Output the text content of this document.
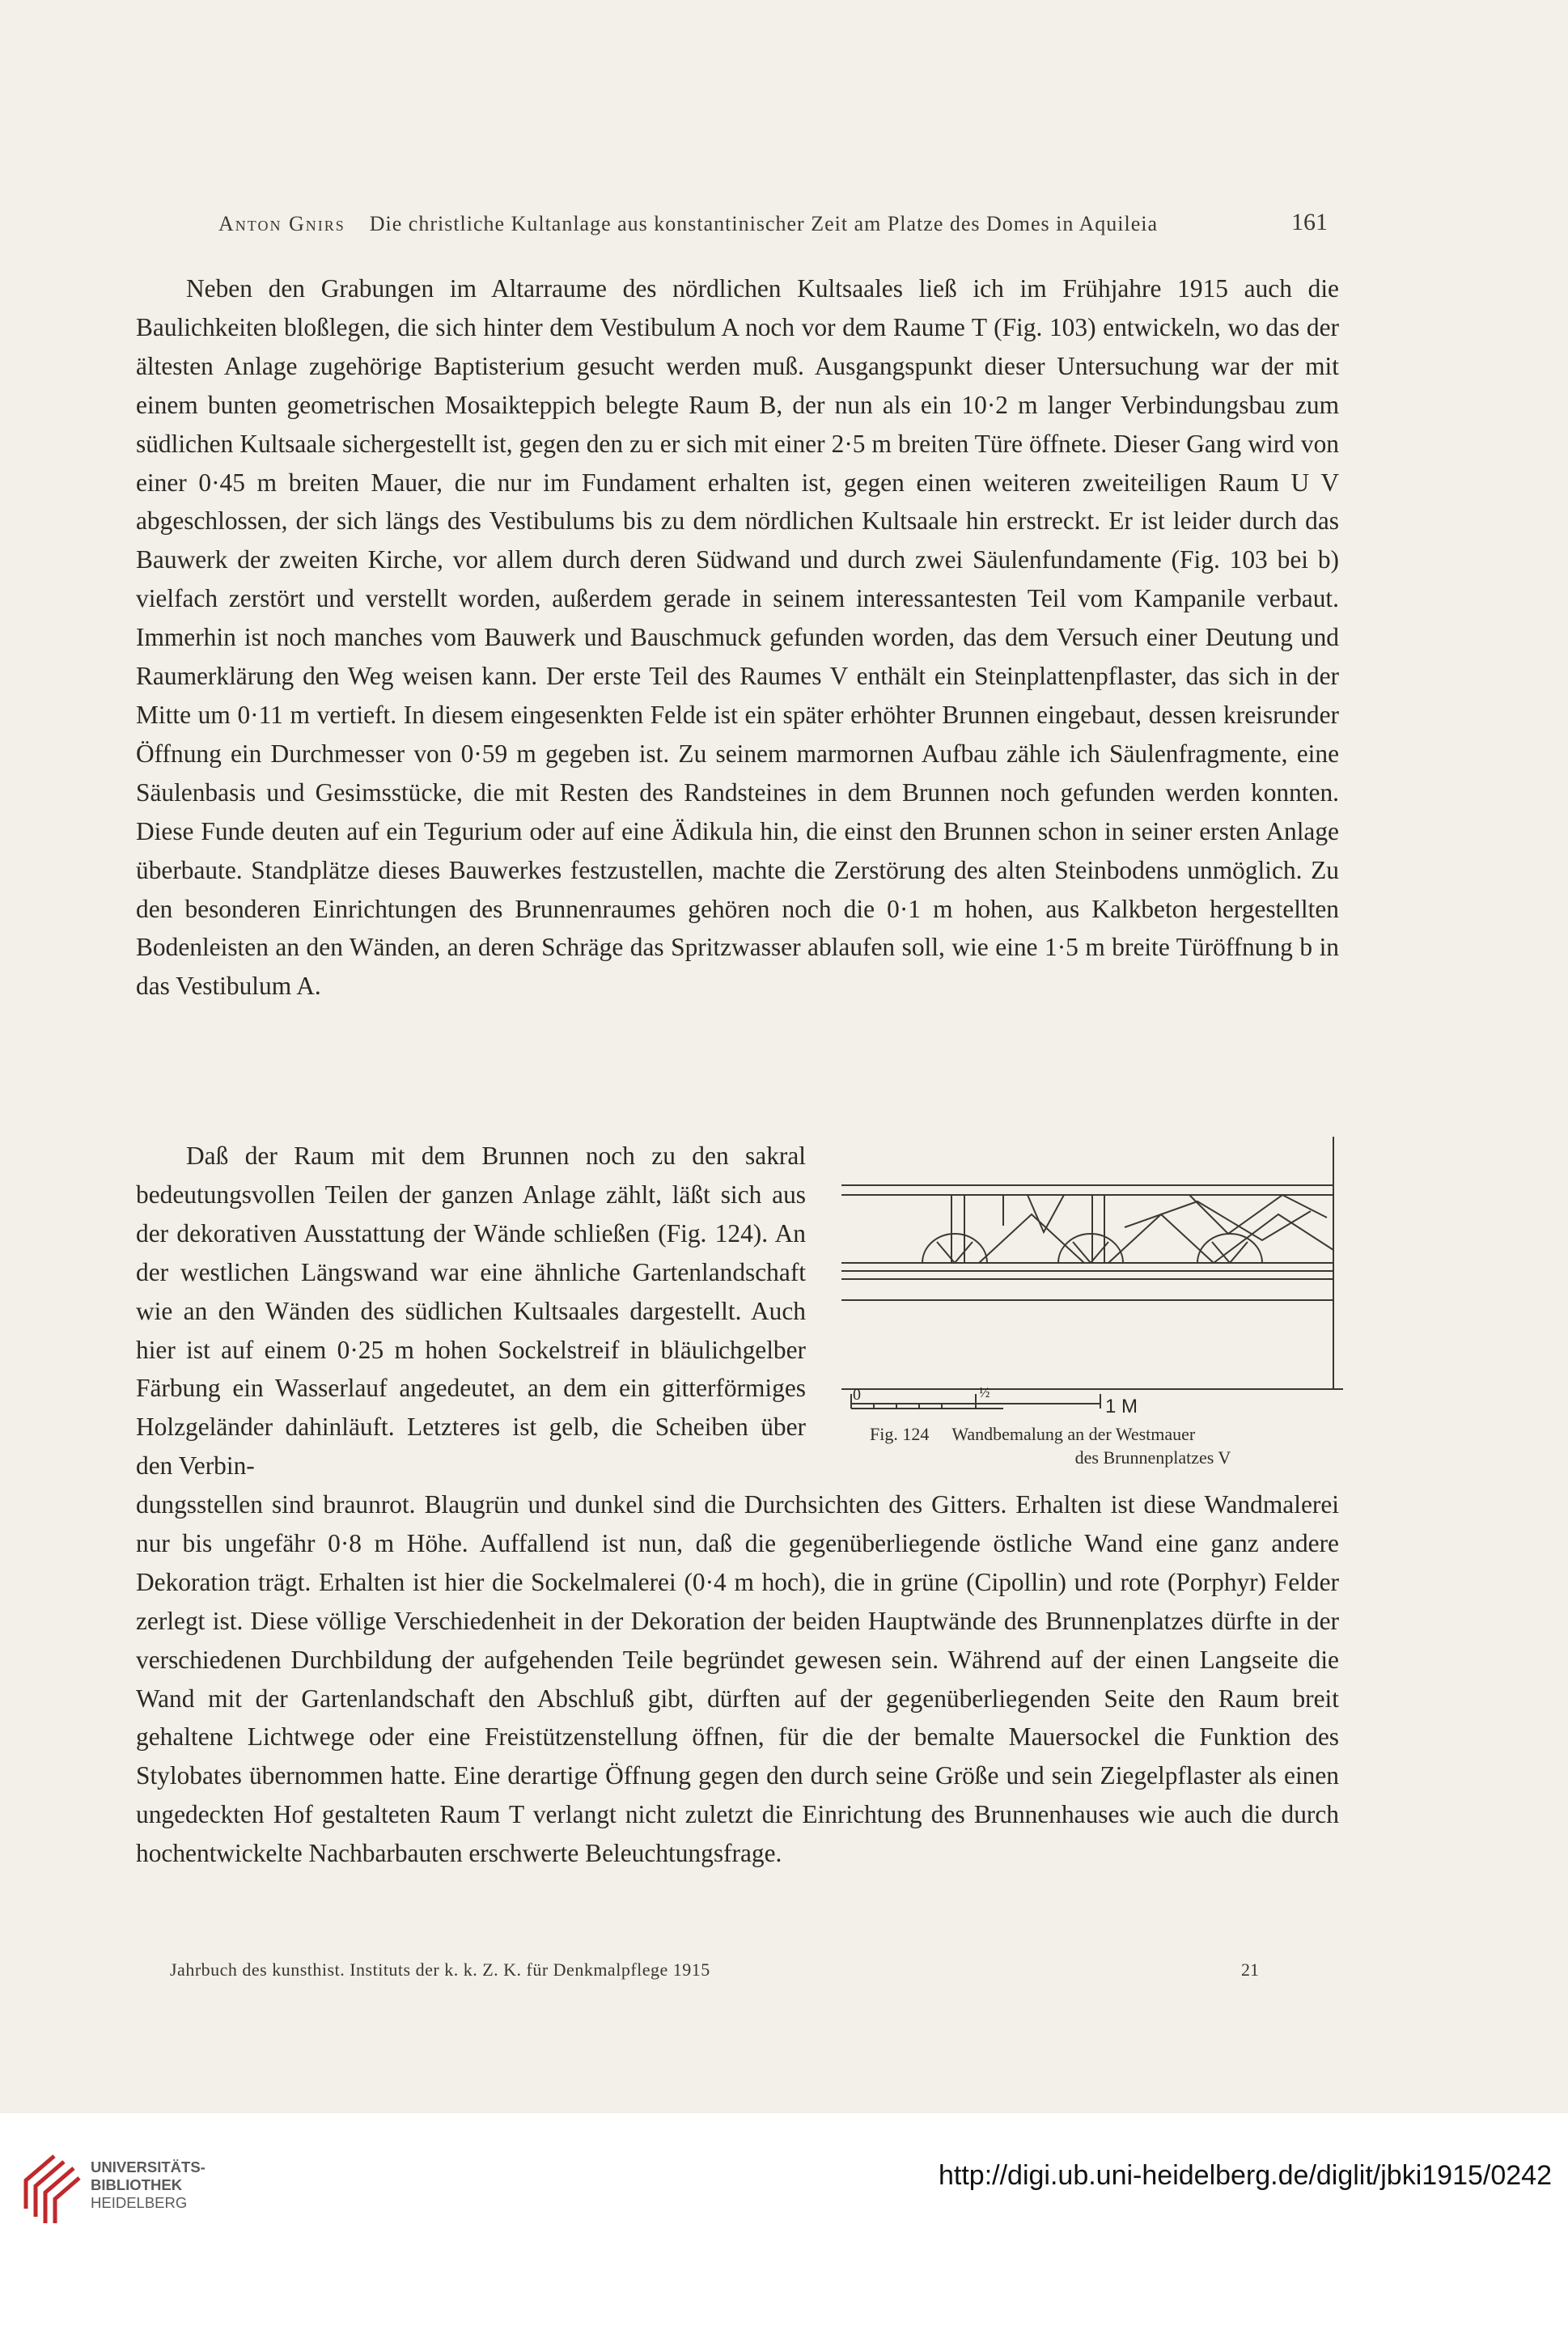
Anton Gnirs Die christliche Kultanlage aus konstantinischer Zeit am Platze des Domes in Aquileia	161

Neben den Grabungen im Altarraume des nördlichen Kultsaales ließ ich im Frühjahre 1915 auch die Baulichkeiten bloßlegen, die sich hinter dem Vestibulum A noch vor dem Raume T (Fig. 103) entwickeln, wo das der ältesten Anlage zugehörige Baptisterium gesucht werden muß. Ausgangspunkt dieser Untersuchung war der mit einem bunten geometrischen Mosaikteppich belegte Raum B, der nun als ein 10·2 m langer Verbindungsbau zum südlichen Kultsaale sichergestellt ist, gegen den zu er sich mit einer 2·5 m breiten Türe öffnete. Dieser Gang wird von einer 0·45 m breiten Mauer, die nur im Fundament erhalten ist, gegen einen weiteren zweiteiligen Raum U V abgeschlossen, der sich längs des Vestibulums bis zu dem nördlichen Kultsaale hin erstreckt. Er ist leider durch das Bauwerk der zweiten Kirche, vor allem durch deren Südwand und durch zwei Säulenfundamente (Fig. 103 bei b) vielfach zerstört und verstellt worden, außerdem gerade in seinem interessantesten Teil vom Kampanile verbaut. Immerhin ist noch manches vom Bauwerk und Bauschmuck gefunden worden, das dem Versuch einer Deutung und Raumerklärung den Weg weisen kann. Der erste Teil des Raumes V enthält ein Steinplattenpflaster, das sich in der Mitte um 0·11 m vertieft. In diesem eingesenkten Felde ist ein später erhöhter Brunnen eingebaut, dessen kreisrunder Öffnung ein Durchmesser von 0·59 m gegeben ist. Zu seinem marmornen Aufbau zähle ich Säulenfragmente, eine Säulenbasis und Gesimsstücke, die mit Resten des Randsteines in dem Brunnen noch gefunden werden konnten. Diese Funde deuten auf ein Tegurium oder auf eine Ädikula hin, die einst den Brunnen schon in seiner ersten Anlage überbaute. Standplätze dieses Bauwerkes festzustellen, machte die Zerstörung des alten Steinbodens unmöglich. Zu den besonderen Einrichtungen des Brunnenraumes gehören noch die 0·1 m hohen, aus Kalkbeton hergestellten Bodenleisten an den Wänden, an deren Schräge das Spritzwasser ablaufen soll, wie eine 1·5 m breite Türöffnung b in das Vestibulum A.

Daß der Raum mit dem Brunnen noch zu den sakral bedeutungsvollen Teilen der ganzen Anlage zählt, läßt sich aus der dekorativen Ausstattung der Wände schließen (Fig. 124). An der westlichen Längswand war eine ähnliche Gartenlandschaft wie an den Wänden des südlichen Kultsaales dargestellt. Auch hier ist auf einem 0·25 m hohen Sockelstreif in bläulichgelber Färbung ein Wasserlauf angedeutet, an dem ein gitterförmiges Holzgeländer dahinläuft. Letzteres ist gelb, die Scheiben über den Verbin-

dungsstellen sind braunrot. Blaugrün und dunkel sind die Durchsichten des Gitters. Erhalten ist diese Wandmalerei nur bis ungefähr 0·8 m Höhe. Auffallend ist nun, daß die gegenüberliegende östliche Wand eine ganz andere Dekoration trägt. Erhalten ist hier die Sockelmalerei (0·4 m hoch), die in grüne (Cipollin) und rote (Porphyr) Felder zerlegt ist. Diese völlige Verschiedenheit in der Dekoration der beiden Hauptwände des Brunnenplatzes dürfte in der verschiedenen Durchbildung der aufgehenden Teile begründet gewesen sein. Während auf der einen Langseite die Wand mit der Gartenlandschaft den Abschluß gibt, dürften auf der gegenüberliegenden Seite den Raum breit gehaltene Lichtwege oder eine Freistützenstellung öffnen, für die der bemalte Mauersockel die Funktion des Stylobates übernommen hatte. Eine derartige Öffnung gegen den durch seine Größe und sein Ziegelpflaster als einen ungedeckten Hof gestalteten Raum T verlangt nicht zuletzt die Einrichtung des Brunnenhauses wie auch die durch hochentwickelte Nachbarbauten erschwerte Beleuchtungsfrage.

0	½
1 M
Fig. 124 Wandbemalung an der Westmauer
des Brunnenplatzes V
Jahrbuch des kunsthist. Instituts der k. k. Z. K. für Denkmalpflege 1915	21
UNIVERSITÄTS-
BIBLIOTHEK
HEIDELBERG
http://digi.ub.uni-heidelberg.de/diglit/jbki1915/0242
